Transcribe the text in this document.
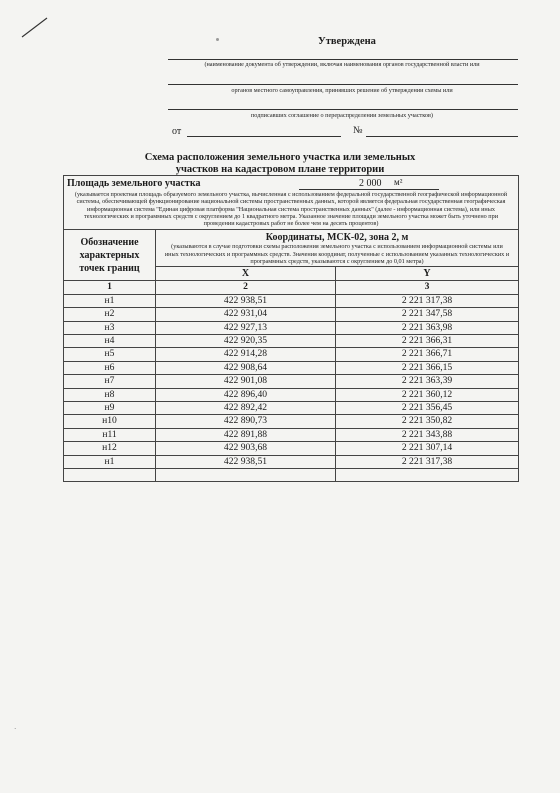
Утверждена
(наименование документа об утверждении, включая наименования органов государственной власти или
органов местного самоуправления, принявших решение об утверждении схемы или
подписавших соглашение о перераспределении земельных участков)
от	№
Схема расположения земельного участка или земельных
участков на кадастровом плане территории
Площадь земельного участка 2 000 м²
(указывается проектная площадь образуемого земельного участка, вычисленная с использованием федеральной государственной географической информационной системы, обеспечивающей функционирование национальной системы пространственных данных, которой является федеральная государственная географическая информационная система "Единая цифровая платформа "Национальная система пространственных данных" (далее - информационная система), или иных технологических и программных средств с округлением до 1 квадратного метра. Указанное значение площади земельного участка может быть уточнено при проведении кадастровых работ не более чем на десять процентов)		

Обозначение характерных точек границ	Координаты, МСК-02, зона 2, м
(указываются в случае подготовки схемы расположения земельного участка с использованием информационной системы или иных технологических и программных средств. Значения координат, полученные с использованием указанных технологических и программных средств, указываются с округлением до 0,01 метра)	

	X	Y
1	2	3
н1	422 938,51	2 221 317,38
н2	422 931,04	2 221 347,58
н3	422 927,13	2 221 363,98
н4	422 920,35	2 221 366,31
н5	422 914,28	2 221 366,71
н6	422 908,64	2 221 366,15
н7	422 901,08	2 221 363,39
н8	422 896,40	2 221 360,12
н9	422 892,42	2 221 356,45
н10	422 890,73	2 221 350,82
н11	422 891,88	2 221 343,88
н12	422 903,68	2 221 307,14
н1	422 938,51	2 221 317,38

·
